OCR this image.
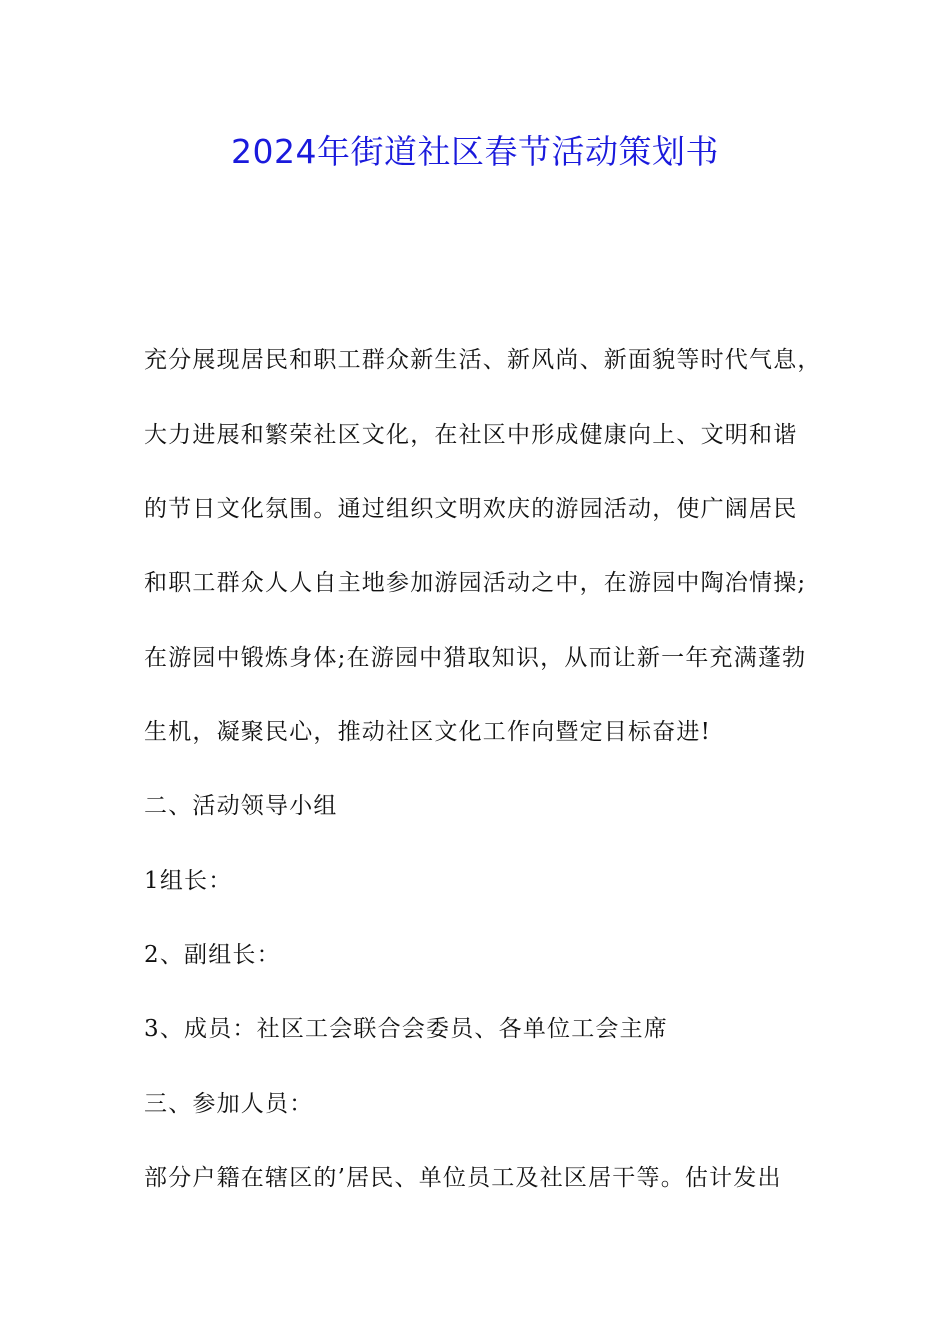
2024年街道社区春节活动策划书
充分展现居民和职工群众新生活、新风尚、新面貌等时代气息，
大力进展和繁荣社区文化，在社区中形成健康向上、文明和谐
的节日文化氛围。通过组织文明欢庆的游园活动，使广阔居民
和职工群众人人自主地参加游园活动之中，在游园中陶冶情操;
在游园中锻炼身体;在游园中猎取知识，从而让新一年充满蓬勃
生机，凝聚民心，推动社区文化工作向暨定目标奋进!
二、活动领导小组
1组长：
2、副组长：
3、成员：社区工会联合会委员、各单位工会主席
三、参加人员：
部分户籍在辖区的’居民、单位员工及社区居干等。估计发出
